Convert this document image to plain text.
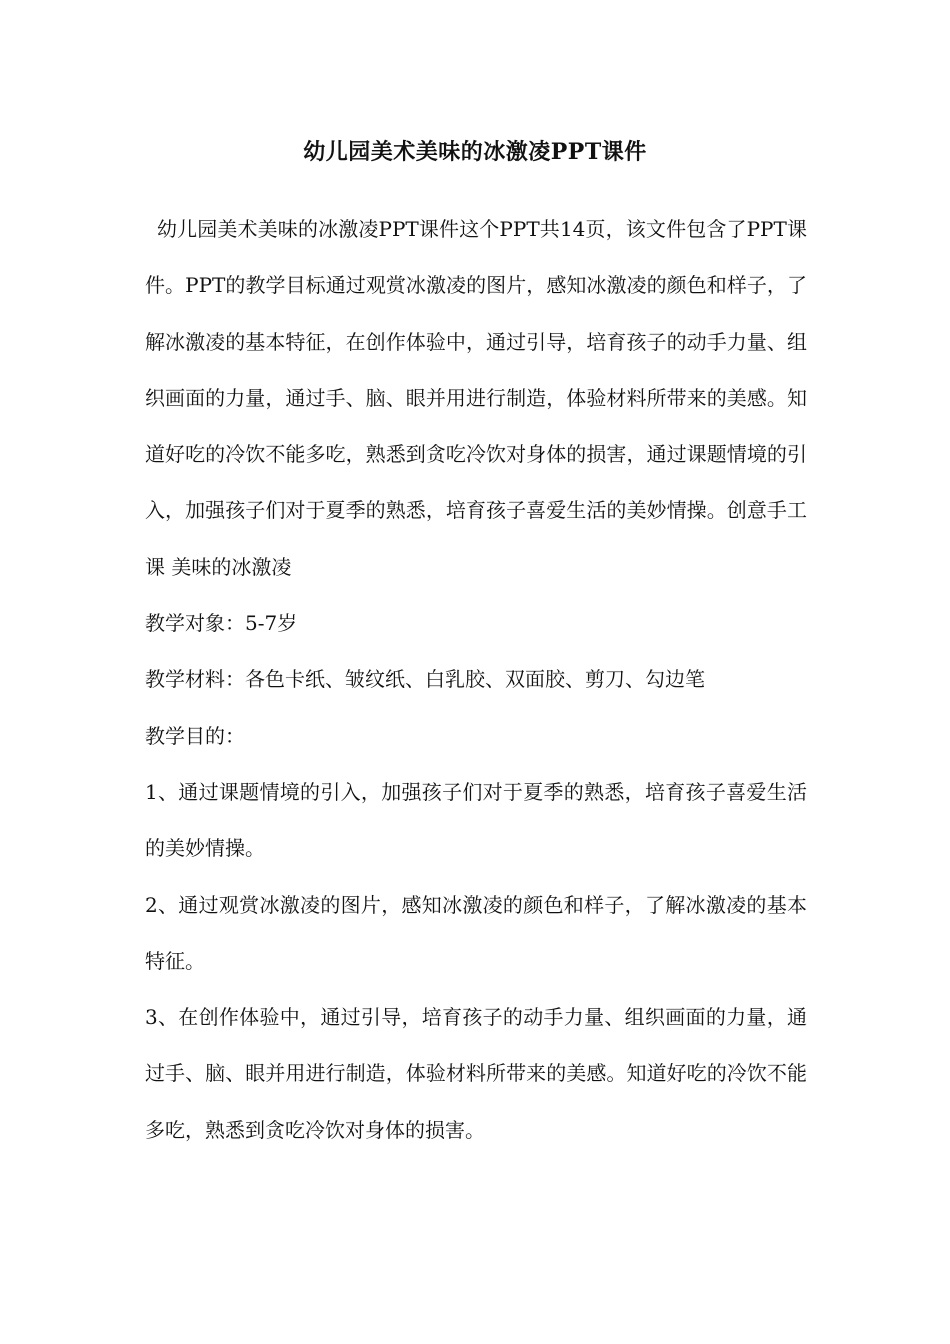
幼儿园美术美味的冰激凌PPT课件

幼儿园美术美味的冰激凌PPT课件这个PPT共14页，该文件包含了PPT课件。PPT的教学目标通过观赏冰激凌的图片，感知冰激凌的颜色和样子，了解冰激凌的基本特征，在创作体验中，通过引导，培育孩子的动手力量、组织画面的力量，通过手、脑、眼并用进行制造，体验材料所带来的美感。知道好吃的冷饮不能多吃，熟悉到贪吃冷饮对身体的损害，通过课题情境的引入，加强孩子们对于夏季的熟悉，培育孩子喜爱生活的美妙情操。创意手工课 美味的冰激凌

教学对象：5-7岁

教学材料：各色卡纸、皱纹纸、白乳胶、双面胶、剪刀、勾边笔

教学目的：

1、通过课题情境的引入，加强孩子们对于夏季的熟悉，培育孩子喜爱生活的美妙情操。

2、通过观赏冰激凌的图片，感知冰激凌的颜色和样子，了解冰激凌的基本特征。

3、在创作体验中，通过引导，培育孩子的动手力量、组织画面的力量，通过手、脑、眼并用进行制造，体验材料所带来的美感。知道好吃的冷饮不能多吃，熟悉到贪吃冷饮对身体的损害。
